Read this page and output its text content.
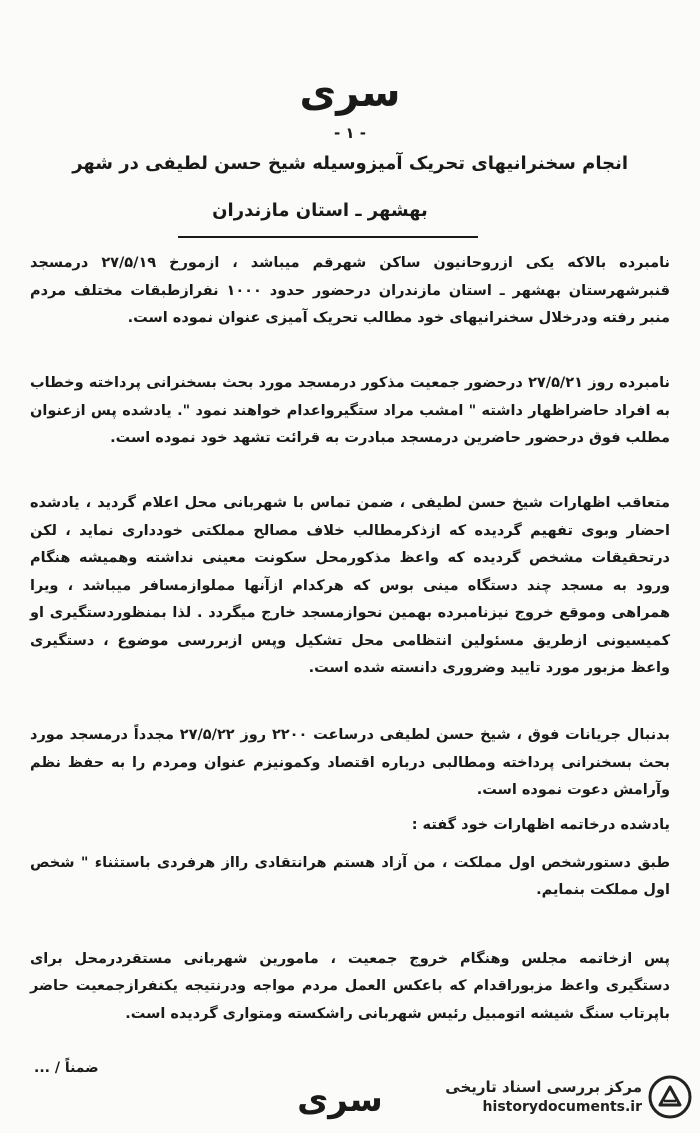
سری
- ۱ -
انجام سخنرانیهای تحریک آمیزوسیله شیخ حسن لطیفی در شهر
بهشهر ـ استان مازندران

نامبرده بالاکه یکی ازروحانیون ساکن شهرقم میباشد ، ازمورخ ۲۷/۵/۱۹ درمسجد قنبرشهرستان بهشهر ـ استان مازندران درحضور حدود ۱۰۰۰ نفرازطبقات مختلف مردم منبر رفته ودرخلال سخنرانیهای خود مطالب تحریک آمیزی عنوان نموده است.

نامبرده روز ۲۷/۵/۲۱ درحضور جمعیت مذکور درمسجد مورد بحث بسخنرانی پرداخته وخطاب به افراد حاضراظهار داشته " امشب مراد ستگیرواعدام خواهند نمود ". یادشده پس ازعنوان مطلب فوق درحضور حاضرین درمسجد مبادرت به قرائت تشهد خود نموده است.

متعاقب اظهارات شیخ حسن لطیفی ، ضمن تماس با شهربانی محل اعلام گردید ، یادشده احضار وبوی تفهیم گردیده که ازذکرمطالب خلاف مصالح مملکتی خودداری نماید ، لکن درتحقیقات مشخص گردیده که واعظ مذکورمحل سکونت معینی نداشته وهمیشه هنگام ورود به مسجد چند دستگاه مینی بوس که هرکدام ازآنها مملوازمسافر میباشد ، ویرا همراهی وموقع خروج نیزنامبرده بهمین نحوازمسجد خارج میگردد . لذا بمنظوردستگیری او کمیسیونی ازطریق مسئولین انتظامی محل تشکیل وپس ازبررسی موضوع ، دستگیری واعظ مزبور مورد تایید وضروری دانسته شده است.

بدنبال جریانات فوق ، شیخ حسن لطیفی درساعت ۲۲۰۰ روز ۲۷/۵/۲۲ مجدداً درمسجد مورد بحث بسخنرانی پرداخته ومطالبی درباره اقتصاد وکمونیزم عنوان ومردم را به حفظ نظم وآرامش دعوت نموده است.

یادشده درخاتمه اظهارات خود گفته :

طبق دستورشخص اول مملکت ، من آزاد هستم هرانتقادی رااز هرفردی باستثناء " شخص اول مملکت بنمایم.

پس ازخاتمه مجلس وهنگام خروج جمعیت ، مامورین شهربانی مستقردرمحل برای دستگیری واعظ مزبوراقدام که باعکس العمل مردم مواجه ودرنتیجه یکنفرازجمعیت حاضر باپرتاب سنگ شیشه اتومبیل رئیس شهربانی راشکسته ومتواری گردیده است.

ضمناً / ...
سری	مرکز بررسی اسناد تاریخی
historydocuments.ir
